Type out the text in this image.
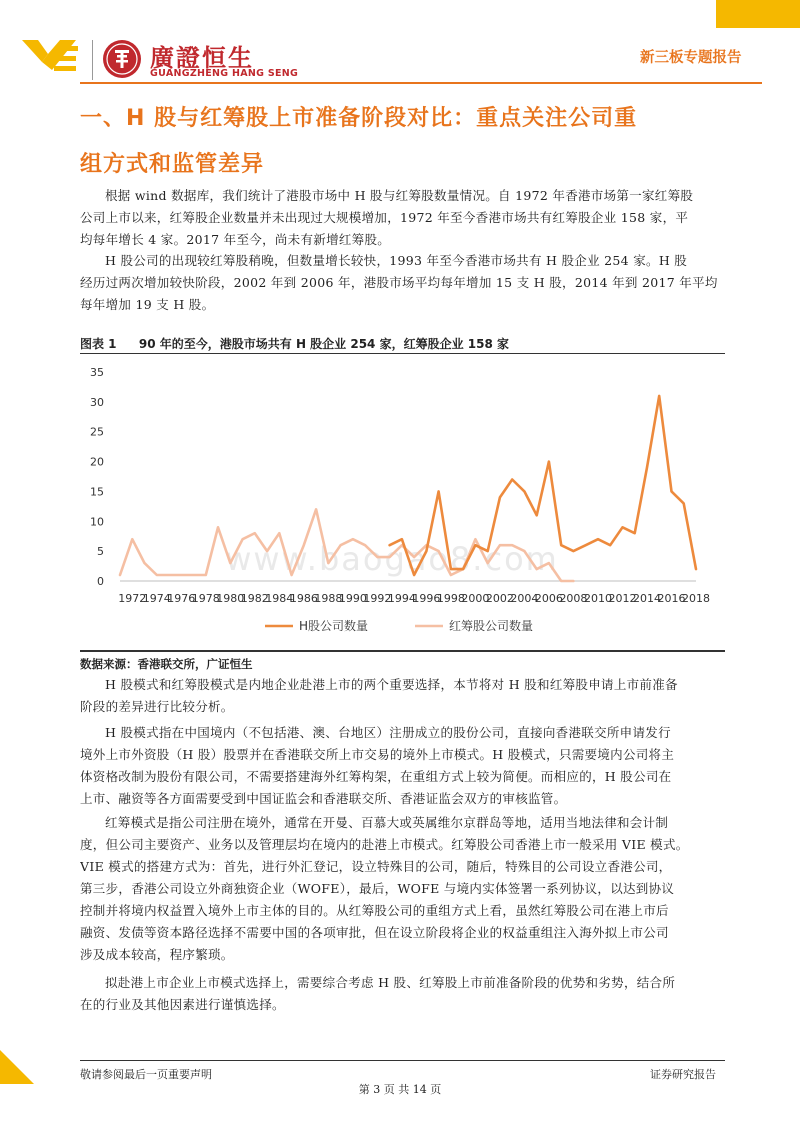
廣證恒生
GUANGZHENG HANG SENG
新三板专题报告
一、H 股与红筹股上市准备阶段对比：重点关注公司重
组方式和监管差异
根据 wind 数据库，我们统计了港股市场中 H 股与红筹股数量情况。自 1972 年香港市场第一家红筹股
公司上市以来，红筹股企业数量并未出现过大规模增加，1972 年至今香港市场共有红筹股企业 158 家，平
均每年增长 4 家。2017 年至今，尚未有新增红筹股。
H 股公司的出现较红筹股稍晚，但数量增长较快，1993 年至今香港市场共有 H 股企业 254 家。H 股
经历过两次增加较快阶段，2002 年到 2006 年，港股市场平均每年增加 15 支 H 股，2014 年到 2017 年平均
每年增加 19 支 H 股。
图表 1 90 年的至今，港股市场共有 H 股企业 254 家，红筹股企业 158 家
www.baogao8.com
0
5
10
15
20
25
30
35
1972
1974
1976
1978
1980
1982
1984
1986
1988
1990
1992
1994
1996
1998
2000
2002
2004
2006
2008
2010
2012
2014
2016
2018
H股公司数量	红筹股公司数量
数据来源：香港联交所，广证恒生
H 股模式和红筹股模式是内地企业赴港上市的两个重要选择，本节将对 H 股和红筹股申请上市前准备
阶段的差异进行比较分析。
H 股模式指在中国境内（不包括港、澳、台地区）注册成立的股份公司，直接向香港联交所申请发行
境外上市外资股（H 股）股票并在香港联交所上市交易的境外上市模式。H 股模式，只需要境内公司将主
体资格改制为股份有限公司，不需要搭建海外红筹构架，在重组方式上较为简便。而相应的，H 股公司在
上市、融资等各方面需要受到中国证监会和香港联交所、香港证监会双方的审核监管。
红筹模式是指公司注册在境外，通常在开曼、百慕大或英属维尔京群岛等地，适用当地法律和会计制
度，但公司主要资产、业务以及管理层均在境内的赴港上市模式。红筹股公司香港上市一般采用 VIE 模式。
VIE 模式的搭建方式为：首先，进行外汇登记，设立特殊目的公司，随后，特殊目的公司设立香港公司，
第三步，香港公司设立外商独资企业（WOFE），最后，WOFE 与境内实体签署一系列协议，以达到协议
控制并将境内权益置入境外上市主体的目的。从红筹股公司的重组方式上看，虽然红筹股公司在港上市后
融资、发债等资本路径选择不需要中国的各项审批，但在设立阶段将企业的权益重组注入海外拟上市公司
涉及成本较高，程序繁琐。
拟赴港上市企业上市模式选择上，需要综合考虑 H 股、红筹股上市前准备阶段的优势和劣势，结合所
在的行业及其他因素进行谨慎选择。
敬请参阅最后一页重要声明	证券研究报告
第 3 页 共 14 页
